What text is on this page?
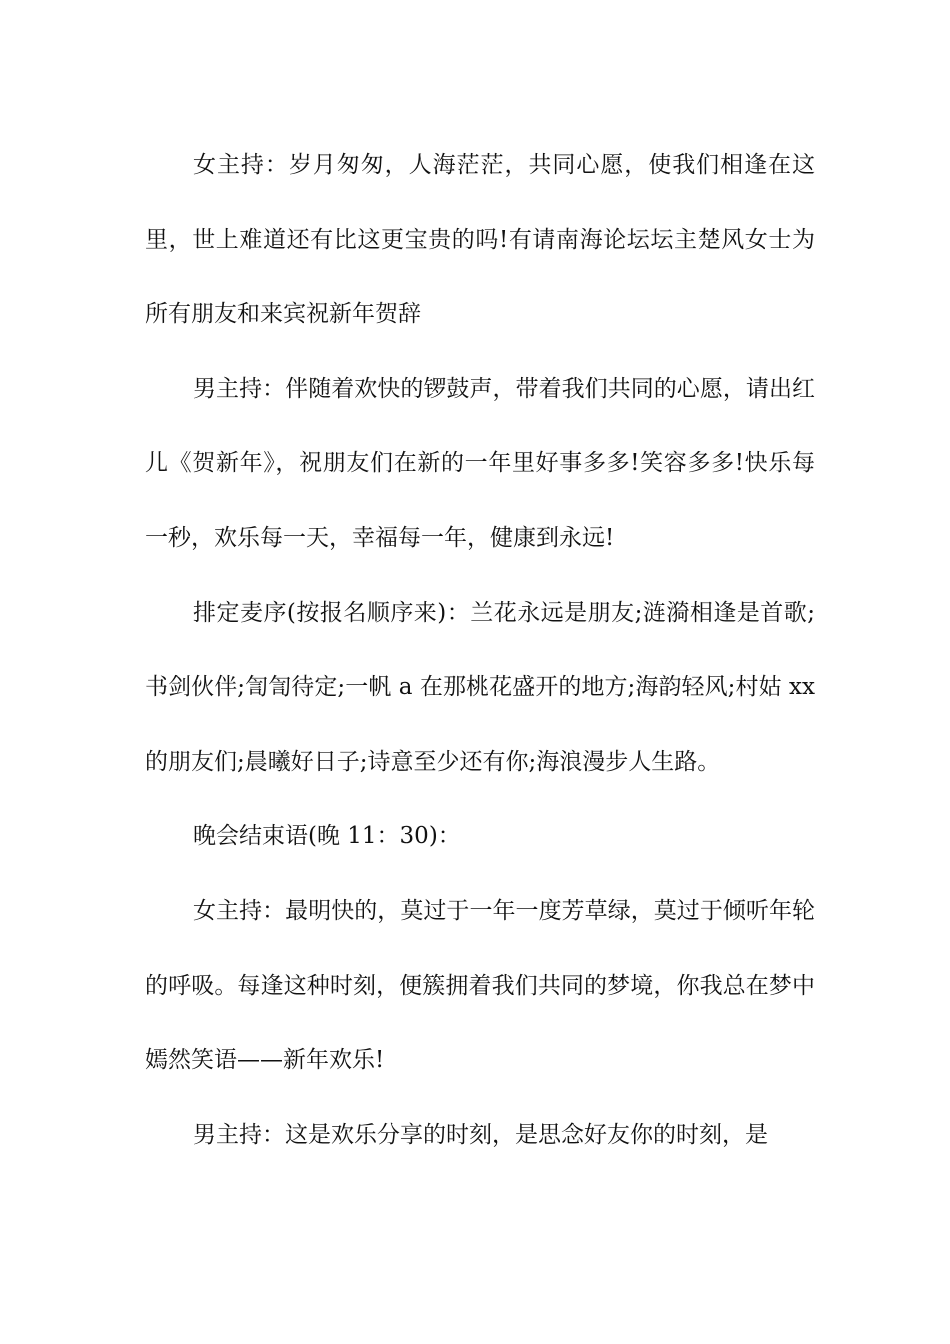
女主持：岁月匆匆，人海茫茫，共同心愿，使我们相逢在这里，世上难道还有比这更宝贵的吗!有请南海论坛坛主楚风女士为所有朋友和来宾祝新年贺辞

男主持：伴随着欢快的锣鼓声，带着我们共同的心愿，请出红儿《贺新年》，祝朋友们在新的一年里好事多多!笑容多多!快乐每一秒，欢乐每一天，幸福每一年，健康到永远!

排定麦序(按报名顺序来)：兰花永远是朋友;涟漪相逢是首歌;书剑伙伴;訇訇待定;一帆 a 在那桃花盛开的地方;海韵轻风;村姑 xx 的朋友们;晨曦好日子;诗意至少还有你;海浪漫步人生路。

晚会结束语(晚 11：30)：

女主持：最明快的，莫过于一年一度芳草绿，莫过于倾听年轮的呼吸。每逢这种时刻，便簇拥着我们共同的梦境，你我总在梦中嫣然笑语——新年欢乐!

男主持：这是欢乐分享的时刻，是思念好友你的时刻，是
